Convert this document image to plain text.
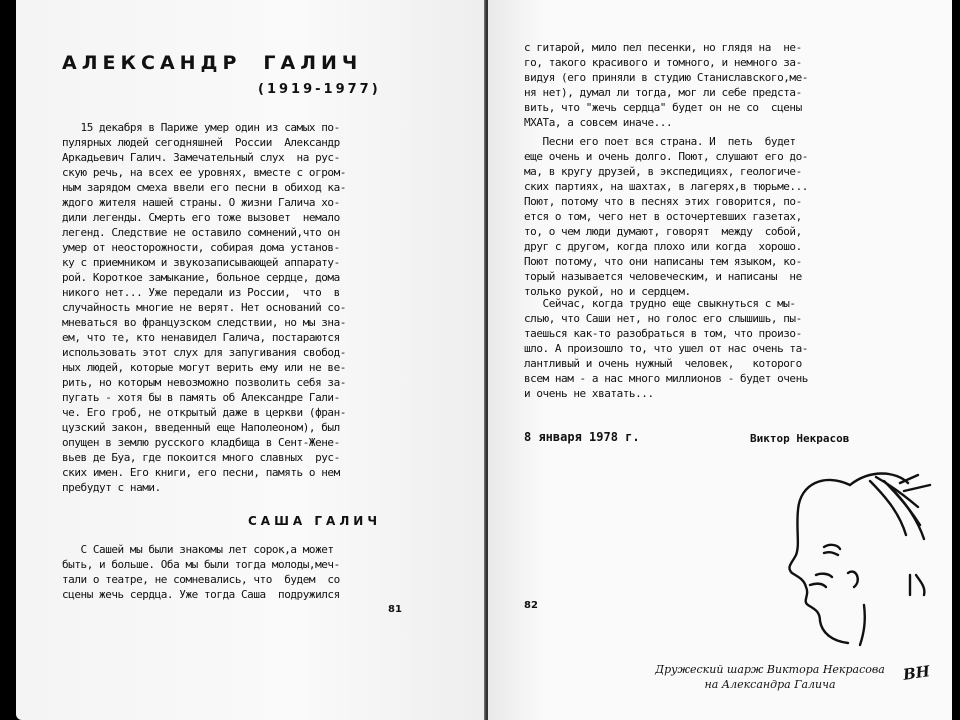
АЛЕКСАНДР ГАЛИЧ
(1919-1977)
15 декабря в Париже умер один из самых по-
пулярных людей сегодняшней  России  Александр
Аркадьевич Галич. Замечательный слух  на рус-
скую речь, на всех ее уровнях, вместе с огром-
ным зарядом смеха ввели его песни в обиход ка-
ждого жителя нашей страны. О жизни Галича хо-
дили легенды. Смерть его тоже вызовет  немало
легенд. Следствие не оставило сомнений,что он
умер от неосторожности, собирая дома установ-
ку с приемником и звукозаписывающей аппарату-
рой. Короткое замыкание, больное сердце, дома
никого нет... Уже передали из России,  что  в
случайность многие не верят. Нет оснований со-
мневаться во французском следствии, но мы зна-
ем, что те, кто ненавидел Галича, постараются
использовать этот слух для запугивания свобод-
ных людей, которые могут верить ему или не ве-
рить, но которым невозможно позволить себя за-
пугать - хотя бы в память об Александре Гали-
че. Его гроб, не открытый даже в церкви (фран-
цузский закон, введенный еще Наполеоном), был
опущен в землю русского кладбища в Сент-Жене-
вьев де Буа, где покоится много славных  рус-
ских имен. Его книги, его песни, память о нем
пребудут с нами.
САША ГАЛИЧ
С Сашей мы были знакомы лет сорок,а может
быть, и больше. Оба мы были тогда молоды,меч-
тали о театре, не сомневались, что  будем  со
сцены жечь сердца. Уже тогда Саша  подружился
81
с гитарой, мило пел песенки, но глядя на  не-
го, такого красивого и томного, и немного за-
видуя (его приняли в студию Станиславского,ме-
ня нет), думал ли тогда, мог ли себе предста-
вить, что "жечь сердца" будет он не со  сцены
МХАТа, а совсем иначе...
Песни его поет вся страна. И  петь  будет
еще очень и очень долго. Поют, слушают его до-
ма, в кругу друзей, в экспедициях, геологиче-
ских партиях, на шахтах, в лагерях,в тюрьме...
Поют, потому что в песнях этих говорится, по-
ется о том, чего нет в осточертевших газетах,
то, о чем люди думают, говорят  между  собой,
друг с другом, когда плохо или когда  хорошо.
Поют потому, что они написаны тем языком, ко-
торый называется человеческим, и написаны  не
только рукой, но и сердцем.
Сейчас, когда трудно еще свыкнуться с мы-
слью, что Саши нет, но голос его слышишь, пы-
таешься как-то разобраться в том, что произо-
шло. А произошло то, что ушел от нас очень та-
лантливый и очень нужный  человек,   которого
всем нам - а нас много миллионов - будет очень
и очень не хватать...
8 января 1978 г.	Виктор Некрасов
82
Дружеский шарж Виктора Некрасова
на Александра Галича
ВН
